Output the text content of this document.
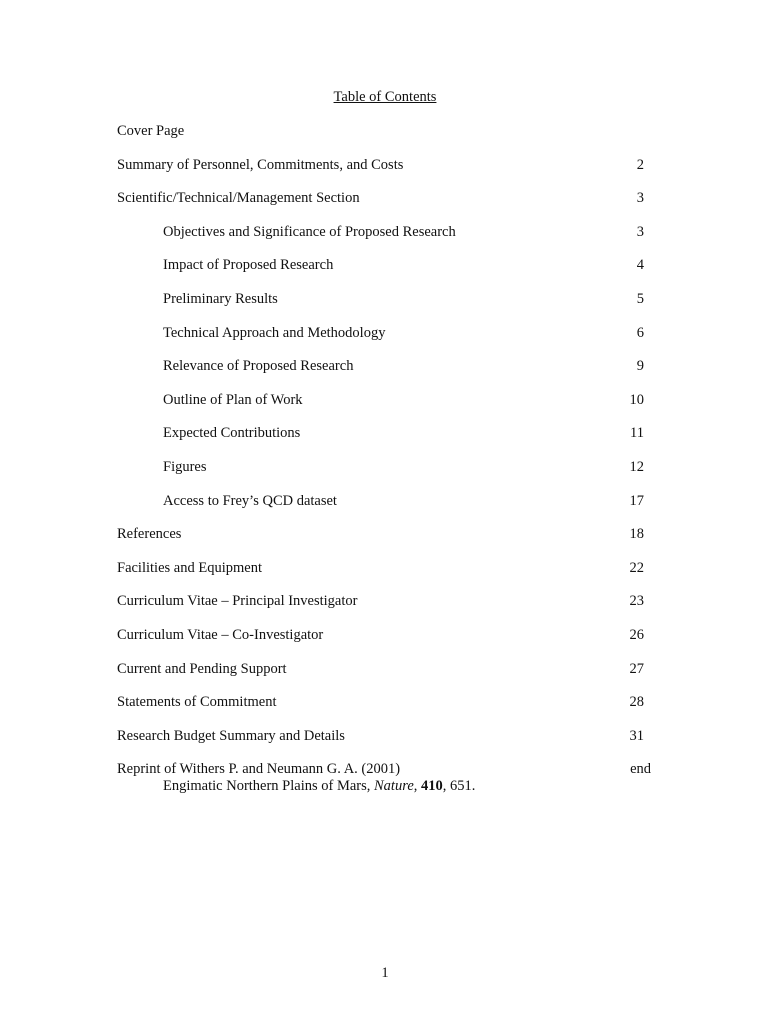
Table of Contents
Cover Page
Summary of Personnel, Commitments, and Costs	2
Scientific/Technical/Management Section	3
Objectives and Significance of Proposed Research	3
Impact of Proposed Research	4
Preliminary Results	5
Technical Approach and Methodology	6
Relevance of Proposed Research	9
Outline of Plan of Work	10
Expected Contributions	11
Figures	12
Access to Frey’s QCD dataset	17
References	18
Facilities and Equipment	22
Curriculum Vitae – Principal Investigator	23
Curriculum Vitae – Co-Investigator	26
Current and Pending Support	27
Statements of Commitment	28
Research Budget Summary and Details	31
Reprint of Withers P. and Neumann G. A. (2001)	end
Engimatic Northern Plains of Mars, Nature, 410, 651.
1
